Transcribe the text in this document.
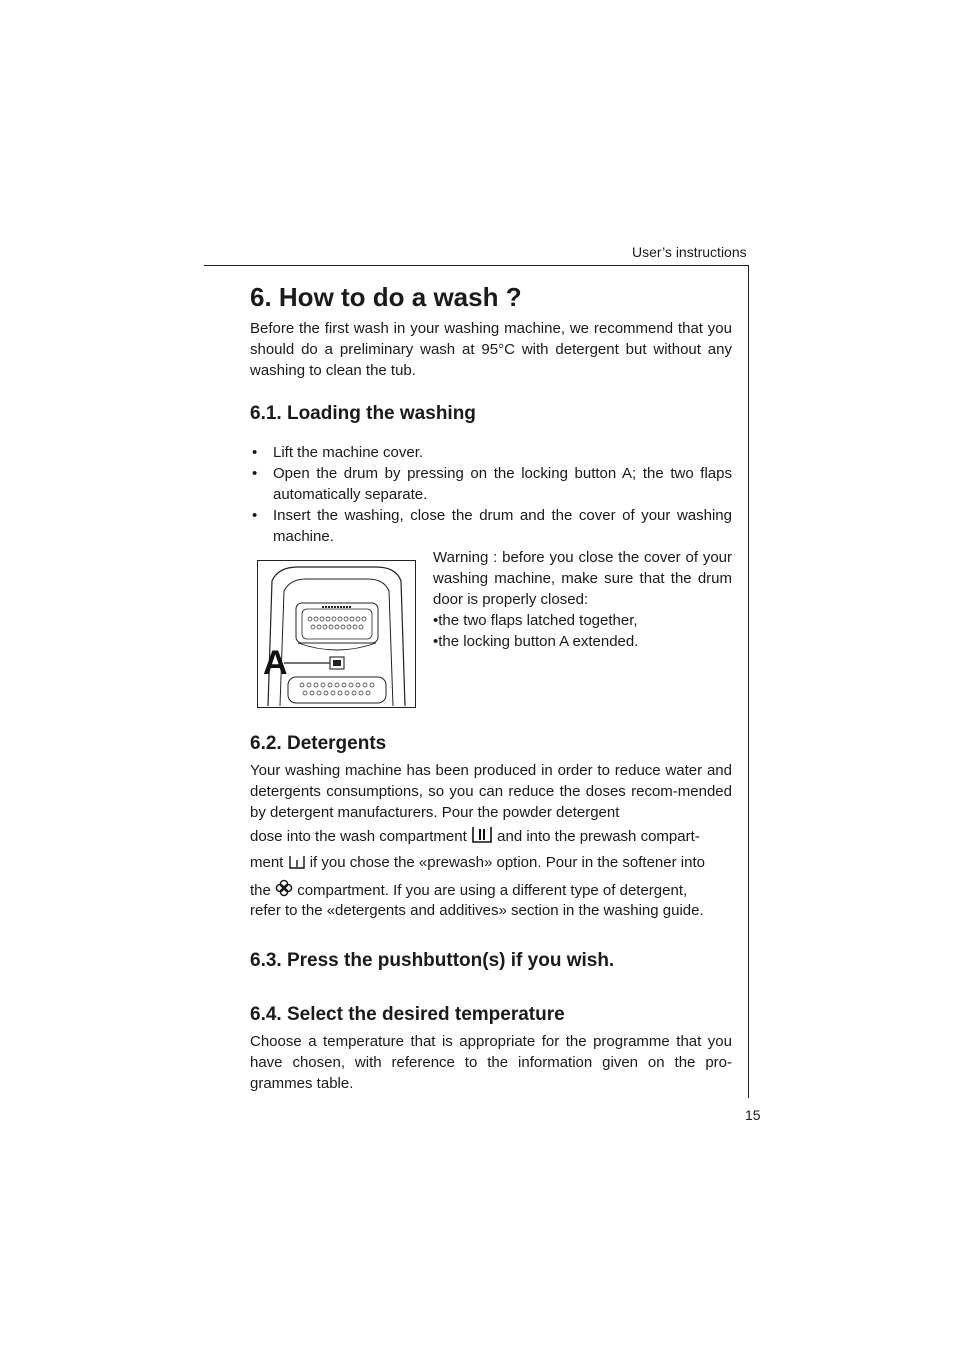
User’s instructions
15
6. How to do a wash ?

Before the first wash in your washing machine, we recommend that you should do a preliminary wash at 95°C with detergent but without any washing to clean the tub.

6.1. Loading the washing
• Lift the machine cover.
• Open the drum by pressing on the locking button A; the two flaps automatically separate.
• Insert the washing, close the drum and the cover of your washing machine.
A

Warning : before you close the cover of your washing machine, make sure that the drum door is properly closed:

•the two flaps latched together,

•the locking button A extended.

6.2. Detergents

Your washing machine has been produced in order to reduce water and detergents consumptions, so you can reduce the doses recom-mended by detergent manufacturers. Pour the powder detergent

dose into the wash compartment and into the prewash compart-
ment if you chose the «prewash» option. Pour in the softener into
the compartment. If you are using a different type of detergent,

refer to the «detergents and additives» section in the washing guide.

6.3. Press the pushbutton(s) if you wish.
6.4. Select the desired temperature

Choose a temperature that is appropriate for the programme that you have chosen, with reference to the information given on the pro-grammes table.
